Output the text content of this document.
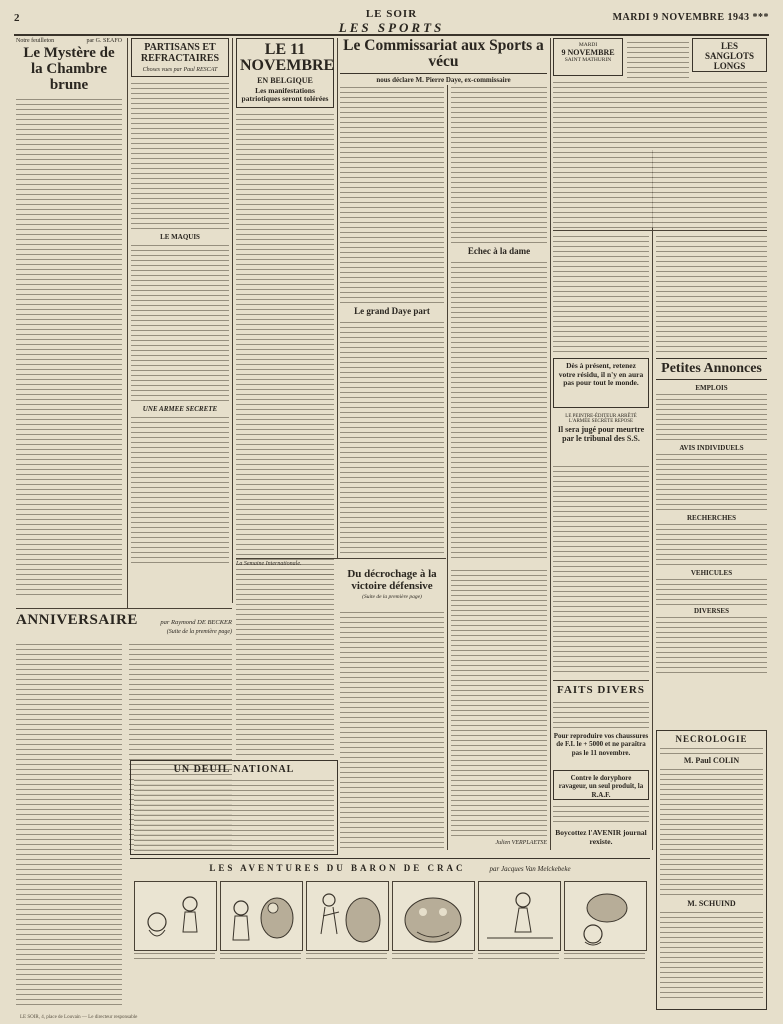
2	LE SOIR
LES SPORTS
MARDI 9 NOVEMBRE 1943 ***
Notre feuilleton	par G. SEAFO
Le Mystère de la Chambre brune
ANNIVERSAIRE	par Raymond DE BECKER
(Suite de la première page)
PARTISANS ET REFRACTAIRES
Choses vues par Paul RESCAT
LE MAQUIS
UNE ARMEE SECRETE
LE 11 NOVEMBRE
EN BELGIQUE
Les manifestations patriotiques seront tolérées
Le Commissariat aux Sports a vécu
nous déclare M. Pierre Daye, ex-commissaire
Le grand Daye part
Echec à la dame
La Semaine Internationale.
Du décrochage à la victoire défensive
(Suite de la première page)
Julien VERPLAETSE
UN DEUIL NATIONAL
MARDI
9 NOVEMBRE
SAINT MATHURIN
LES SANGLOTS LONGS
Dès à présent, retenez votre résidu, il n'y en aura pas pour tout le monde.
LE PEINTRE-ÉDITEUR ARRÊTÉ
L'ARMÉE SECRÈTE REPOSE
Il sera jugé pour meurtre par le tribunal des S.S.
FAITS DIVERS
Pour reproduire vos chaussures
de F.I. le + 5000 et ne paraîtra
pas le 11 novembre.
Contre le doryphore ravageur, un seul produit, la R.A.F.
Boycottez l'AVENIR journal rexiste.
Petites Annonces
EMPLOIS
AVIS INDIVIDUELS
RECHERCHES
VEHICULES
DIVERSES
NECROLOGIE
M. Paul COLIN
M. SCHUIND
LES AVENTURES DU BARON DE CRAC	par Jacques Van Melckebeke
LE SOIR, 4, place de Louvain — Le directeur responsable
